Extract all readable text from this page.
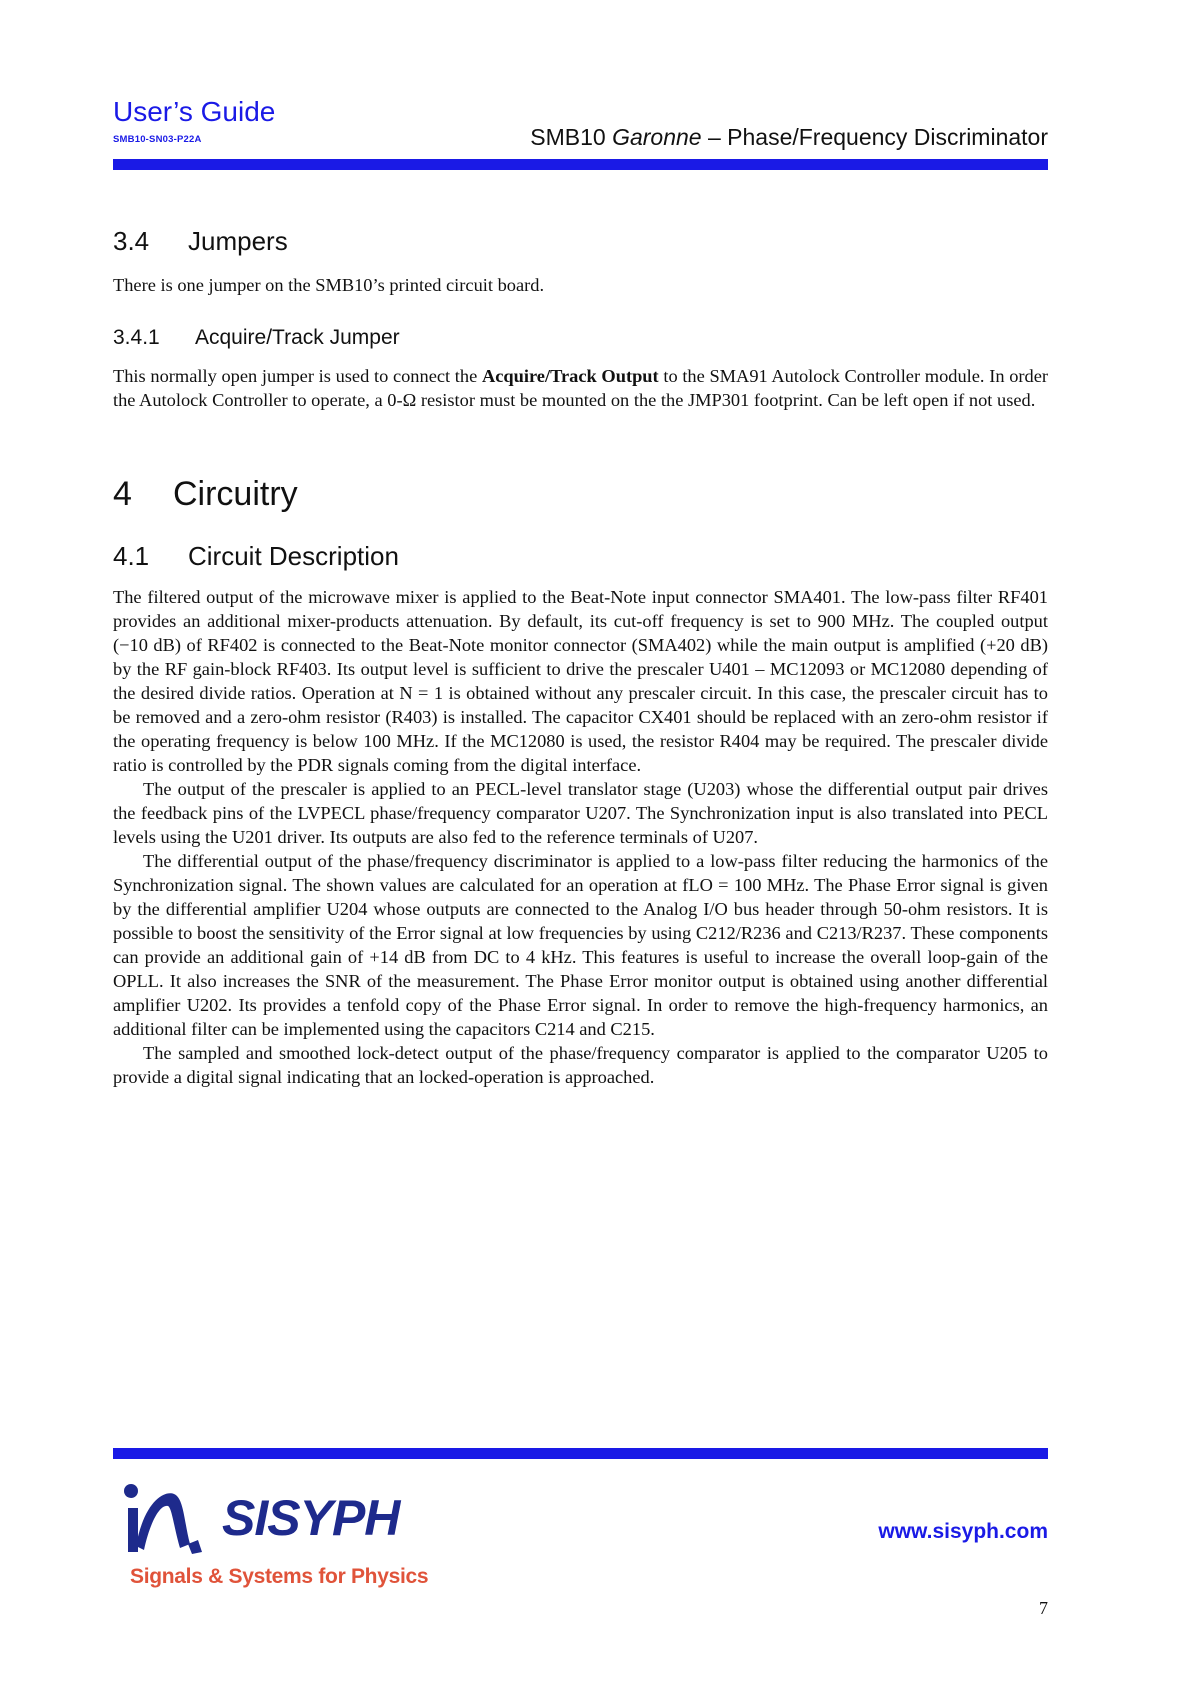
User’s Guide
SMB10-SN03-P22A	SMB10 Garonne – Phase/Frequency Discriminator
3.4 Jumpers
There is one jumper on the SMB10’s printed circuit board.
3.4.1 Acquire/Track Jumper
This normally open jumper is used to connect the Acquire/Track Output to the SMA91 Autolock Controller module. In order the Autolock Controller to operate, a 0-Ω resistor must be mounted on the the JMP301 footprint. Can be left open if not used.
4 Circuitry
4.1 Circuit Description

The filtered output of the microwave mixer is applied to the Beat-Note input connector SMA401. The low-pass filter RF401 provides an additional mixer-products attenuation. By default, its cut-off frequency is set to 900 MHz. The coupled output (−10 dB) of RF402 is connected to the Beat-Note monitor connector (SMA402) while the main output is amplified (+20 dB) by the RF gain-block RF403. Its output level is sufficient to drive the prescaler U401 – MC12093 or MC12080 depending of the desired divide ratios. Operation at N = 1 is obtained without any prescaler circuit. In this case, the prescaler circuit has to be removed and a zero-ohm resistor (R403) is installed. The capacitor CX401 should be replaced with an zero-ohm resistor if the operating frequency is below 100 MHz. If the MC12080 is used, the resistor R404 may be required. The prescaler divide ratio is controlled by the PDR signals coming from the digital interface.

The output of the prescaler is applied to an PECL-level translator stage (U203) whose the differential output pair drives the feedback pins of the LVPECL phase/frequency comparator U207. The Synchronization input is also translated into PECL levels using the U201 driver. Its outputs are also fed to the reference terminals of U207.

The differential output of the phase/frequency discriminator is applied to a low-pass filter reducing the harmonics of the Synchronization signal. The shown values are calculated for an operation at fLO = 100 MHz. The Phase Error signal is given by the differential amplifier U204 whose outputs are connected to the Analog I/O bus header through 50-ohm resistors. It is possible to boost the sensitivity of the Error signal at low frequencies by using C212/R236 and C213/R237. These components can provide an additional gain of +14 dB from DC to 4 kHz. This features is useful to increase the overall loop-gain of the OPLL. It also increases the SNR of the measurement. The Phase Error monitor output is obtained using another differential amplifier U202. Its provides a tenfold copy of the Phase Error signal. In order to remove the high-frequency harmonics, an additional filter can be implemented using the capacitors C214 and C215.

The sampled and smoothed lock-detect output of the phase/frequency comparator is applied to the comparator U205 to provide a digital signal indicating that an locked-operation is approached.

SISYPH
Signals & Systems for Physics
www.sisyph.com
7
